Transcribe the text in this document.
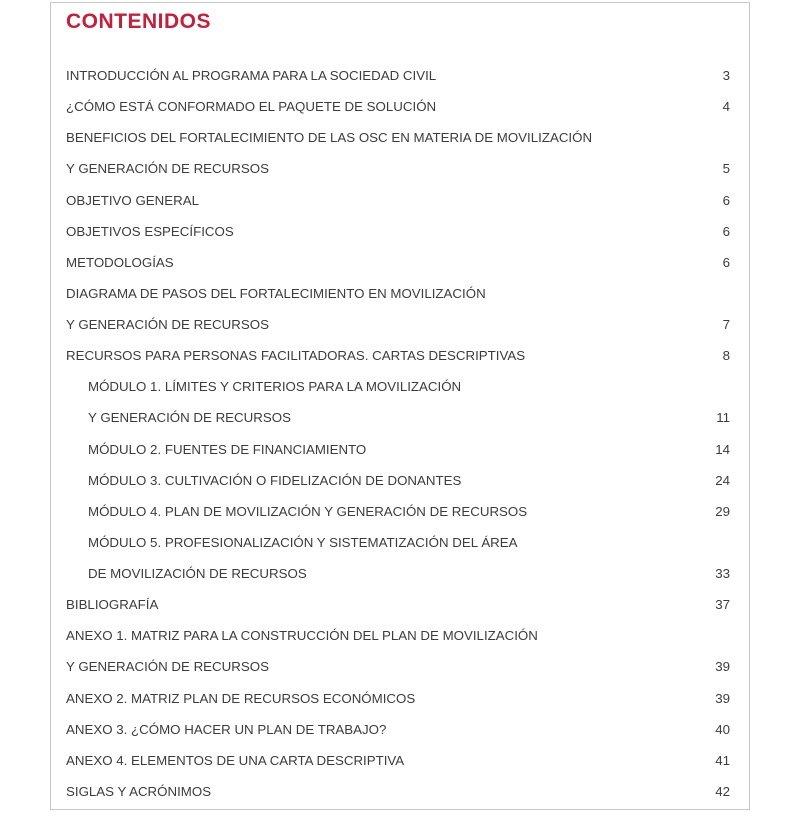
CONTENIDOS
INTRODUCCIÓN AL PROGRAMA PARA LA SOCIEDAD CIVIL	3
¿CÓMO ESTÁ CONFORMADO EL PAQUETE DE SOLUCIÓN	4
BENEFICIOS DEL FORTALECIMIENTO DE LAS OSC EN MATERIA DE MOVILIZACIÓN
Y GENERACIÓN DE RECURSOS	5
OBJETIVO GENERAL	6
OBJETIVOS ESPECÍFICOS	6
METODOLOGÍAS	6
DIAGRAMA DE PASOS DEL FORTALECIMIENTO EN MOVILIZACIÓN
Y GENERACIÓN DE RECURSOS	7
RECURSOS PARA PERSONAS FACILITADORAS. CARTAS DESCRIPTIVAS	8
MÓDULO 1. LÍMITES Y CRITERIOS PARA LA MOVILIZACIÓN
Y GENERACIÓN DE RECURSOS	11
MÓDULO 2. FUENTES DE FINANCIAMIENTO	14
MÓDULO 3. CULTIVACIÓN O FIDELIZACIÓN DE DONANTES	24
MÓDULO 4. PLAN DE MOVILIZACIÓN Y GENERACIÓN DE RECURSOS	29
MÓDULO 5. PROFESIONALIZACIÓN Y SISTEMATIZACIÓN DEL ÁREA
DE MOVILIZACIÓN DE RECURSOS	33
BIBLIOGRAFÍA	37
ANEXO 1. MATRIZ PARA LA CONSTRUCCIÓN DEL PLAN DE MOVILIZACIÓN
Y GENERACIÓN DE RECURSOS	39
ANEXO 2. MATRIZ PLAN DE RECURSOS ECONÓMICOS	39
ANEXO 3. ¿CÓMO HACER UN PLAN DE TRABAJO?	40
ANEXO 4. ELEMENTOS DE UNA CARTA DESCRIPTIVA	41
SIGLAS Y ACRÓNIMOS	42
